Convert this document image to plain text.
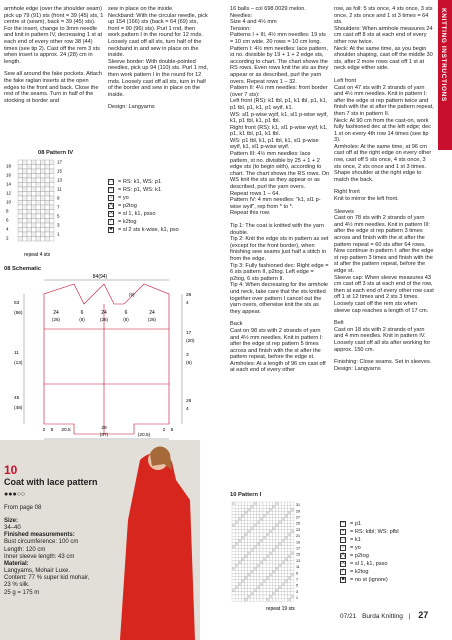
KNITTING INSTRUCTIONS

armhole edge (over the shoulder seam) pick up 79 (91) sts (front = 39 (45) sts, 1 centre st (seam), back = 39 (45) sts). For the insert, change to 3mm needle and knit in pattern IV, decreasing 1 st at each end of every other row 38 (44) times (see tip 2). Cast off the rem 3 sts when insert is approx. 24 (28) cm in length.

Sew all around the fake pockets. Attach the fake raglan inserts at the open edges to the front and back. Close the rest of the seams. Turn in half of the stocking st border and

sew in place on the inside.
Neckband: With the circular needle, pick up 154 (166) sts (back = 64 (69) sts, front = 90 (96) sts). Purl 1 rnd, then work pattern I in the round for 12 rnds. Loosely cast off all sts, turn half of the neckband in and sew in place on the inside.
Sleeve border: With double-pointed needles, pick up 94 (110) sts. Purl 1 rnd, then work pattern I in the round for 12 rnds. Loosely cast off all sts, turn in half of the border and sew in place on the inside.

Design: Langyarns

08 Pattern IV
18
16
14
12
10
8
6
4
2
17
15
13
11
9
7
5
3
1
repeat 4 sts
□ = RS: k1, WS: p1
– = RS: p1, WS: k1
○ = yo
⋀ = p2tog
⋌ = sl 1, k1, psso
⁄	= k2tog
♣ = sl 2 sts k-wise, k1, pso
08 Schematic
84(94)
24
(26)
6
(8)
24
(28)
6
(8)
24
(26)
(6)
53
(56)
11
(13)
45
(48)
26
4
17
(20)
3
(6)
26
4
2 5 20.5	29
(37)	(20.5)
2 5
10
Coat with lace pattern
●●●○○

From page 08

Size:
34–40
Finished measurements:
Bust circumference: 100 cm
Length: 120 cm
Inner sleeve length: 43 cm
Material:
Langyarns, Mohair Luxe.
Content: 77 % super kid mohair,
23 % silk.
25 g = 175 m

16 balls – col 698.0029 melon.
Needles:
Size 4 and 4½ mm
Tension:
Patterns I + III, 4½ mm needles: 19 sts = 10 cm wide. 20 rows = 10 cm long.
Pattern I: 4½ mm needles: lace pattern, st no. divisible by 19 + 1 + 2 edge sts, according to chart. The chart shows the RS rows. Even rows knit the sts as they appear or as described, purl the yarn overs. Repeat rows 1 – 32.
Pattern II: 4½ mm needles: front border (over 7 sts):
Left front (RS): k1 tbl, p1, k1 tbl, p1, k1, p1 tbl, p1, k1, p1 wyif, k1.
WS: sl1 p-wise wyif, k1, sl1 p-wise wyif, k1, p1 tbl, k1, p1 tbl.
Right front (RS): k1, sl1 p-wise wyif, k1, p1, k1 tbl, p1, k1 tbl.
WS: p1 tbl, k1, p1 tbl, k1, sl1 p-wise wyif, k1, sl1 p-wise wyif.
Pattern III: 4½ mm needles: lace pattern, st no. divisible by 25 + 1 + 2 edge sts (to begin with), according to chart. The chart shows the RS rows. On WS knit the sts as they appear or as described, purl the yarn overs.
Repeat rows 1 – 64.
Pattern IV: 4 mm needles: “k1, sl1 p-wise wyif”, rep from * to *.
Repeat this row.

Tip 1: The coat is knitted with the yarn double.
Tip 2: Knit the edge sts in pattern as set (except for the front border), when finishing sew seams just half a stitch in from the edge.
Tip 3: Fully fashioned dec: Right edge = 6 sts pattern II, p2tog. Left edge = p2tog, 6 sts pattern II.
Tip 4: When decreasing for the armhole und neck, take care that the sts knitted together over pattern I cancel out the yarn overs, otherwise knit the sts as they appear.

Back
Cast on 98 sts with 2 strands of yarn and 4½ mm needles. Knit in pattern I: after the edge st rep pattern 5 times across and finish with the st after the pattern repeat, before the edge st.
Armholes: At a length of 96 cm cast off at each end of every other

10 Pattern I
31
29
27
25
23
21
19
17
15
13
11
9
7
5
3
1
repeat 19 sts

row, as foll: 5 sts once, 4 sts once, 3 sts once, 2 sts once and 1 st 3 times = 64 sts.
Shoulders: When armhole measures 24 cm cast off 8 sts at each end of every other row twice.
Neck: At the same time, as you begin shoulder shaping, cast off the middle 30 sts, after 2 more rows cast off 1 st at neck edge either side.

Left front
Cast on 47 sts with 2 strands of yarn and 4½ mm needles. Knit in pattern I: after the edge st rep pattern twice and finish with the st after the pattern repeat, then 7 sts in pattern II.
Neck: At 90 cm from the cast-on, work fully fashioned dec at the left edge; dec 1 st on every 4th row 14 times (see tip 3).
Armholes: At the same time, at 96 cm cast off at the right edge on every other row, cast off 5 sts once, 4 sts once, 3 sts once, 2 sts once and 1 st 3 times. Shape shoulder at the right edge to match the back.

Right front
Knit to mirror the left front.

Sleeves
Cast on 78 sts with 2 strands of yarn and 4½ mm needles. Knit in pattern III: after the edge st rep pattern 3 times across and finish with the st after the pattern repeat = 60 sts after 64 rows. Now continue in pattern I: after the edge st rep pattern 3 times and finish with the st after the pattern repeat, before the edge st.
Sleeve cap: When sleeve measures 43 cm cast off 3 sts at each end of the row, then at each end of every other row cast off 1 st 12 times and 2 sts 3 times. Loosely cast off the rem sts when sleeve cap reaches a length of 17 cm.

Belt
Cast on 18 sts with 2 strands of yarn and 4 mm needles. Knit in pattern IV. Loosely cast off all sts after working for approx. 150 cm.

Finishing: Close seams. Set in sleeves.
Design: Langyarns

– = p1
•	= RS: ktbl; WS: pfbl
□ = k1
○ = yo
⋀ = p2tog
⋌ = sl 1, k1, psso
⁄	= k2tog
■ = no st (ignore)
07/21 Burda Knitting | 27
